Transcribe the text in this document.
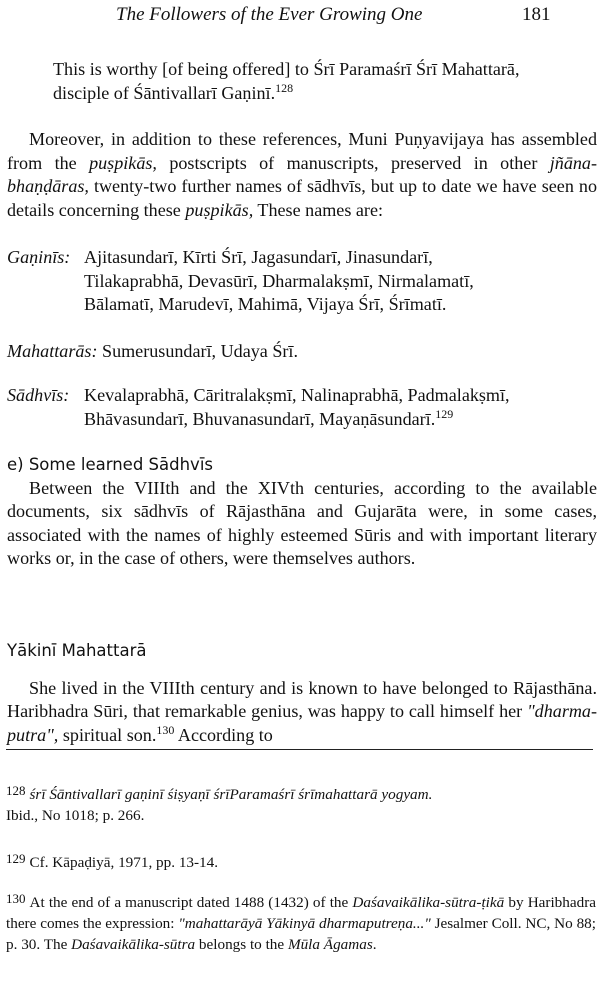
The Followers of the Ever Growing One	181
This is worthy [of being offered] to Śrī Paramaśrī Śrī Mahattarā,
disciple of Śāntivallarī Gaṇinī.$^{128}$

Moreover, in addition to these references, Muni Puṇyavijaya has assembled from the puṣpikās, postscripts of manuscripts, preserved in other jñāna-bhaṇḍāras, twenty-two further names of sādhvīs, but up to date we have seen no details concerning these puṣpikās, These names are:

Gaṇinīs: Ajitasundarī, Kīrti Śrī, Jagasundarī, Jinasundarī,
Tilakaprabhā, Devasūrī, Dharmalakṣmī, Nirmalamatī,
Bālamatī, Marudevī, Mahimā, Vijaya Śrī, Śrīmatī.
Mahattarās: Sumerusundarī, Udaya Śrī.
Sādhvīs: Kevalaprabhā, Cāritralakṣmī, Nalinaprabhā, Padmalakṣmī,
Bhāvasundarī, Bhuvanasundarī, Mayaṇāsundarī.$^{129}$
e) Some learned Sādhvīs

Between the VIIIth and the XIVth centuries, according to the available documents, six sādhvīs of Rājasthāna and Gujarāta were, in some cases, associated with the names of highly esteemed Sūris and with important literary works or, in the case of others, were themselves authors.

Yākinī Mahattarā

She lived in the VIIIth century and is known to have belonged to Rājasthāna. Haribhadra Sūri, that remarkable genius, was happy to call himself her "dharma-putra", spiritual son.$^{130}$ According to

128 śrī Śāntivallarī gaṇinī śiṣyaṇī śrīParamaśrī śrīmahattarā yogyam.
Ibid., No 1018; p. 266.
129 Cf. Kāpaḍiyā, 1971, pp. 13-14.

130 At the end of a manuscript dated 1488 (1432) of the Daśavaikālika-sūtra-ṭikā by Haribhadra there comes the expression: "mahattarāyā Yākinyā dharmaputreṇa..." Jesalmer Coll. NC, No 88; p. 30. The Daśavaikālika-sūtra belongs to the Mūla Āgamas.
